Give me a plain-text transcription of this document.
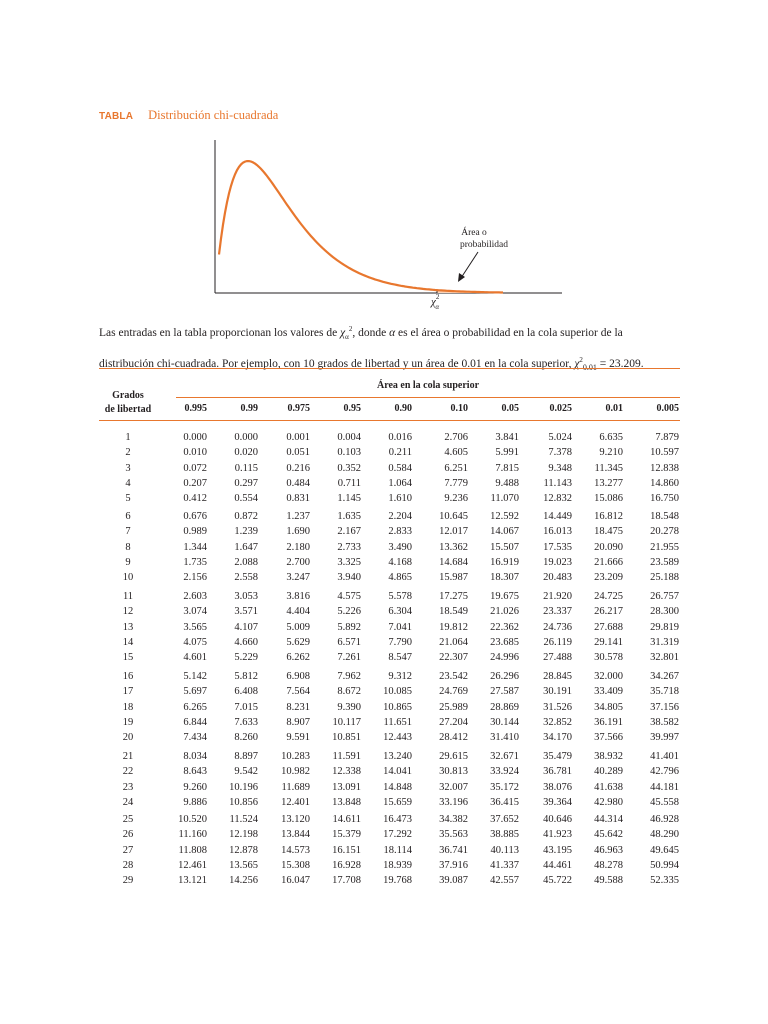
TABLA Distribución chi-cuadrada
Área o
probabilidad
$\chi^2$ α
Las entradas en la tabla proporcionan los valores de $\chi_\alpha^2$, donde α es el área o probabilidad en la cola superior de la distribución chi-cuadrada. Por ejemplo, con 10 grados de libertad y un área de 0.01 en la cola superior, $\chi^2_{0.01} = 23.209$.
Área en la cola superior
Grados
de libertad	0.995	0.99	0.975	0.95	0.90	0.10	0.05	0.025	0.01	0.005
1	0.000	0.000	0.001	0.004	0.016	2.706	3.841	5.024	6.635	7.879
2	0.010	0.020	0.051	0.103	0.211	4.605	5.991	7.378	9.210	10.597
3	0.072	0.115	0.216	0.352	0.584	6.251	7.815	9.348	11.345	12.838
4	0.207	0.297	0.484	0.711	1.064	7.779	9.488	11.143	13.277	14.860
5	0.412	0.554	0.831	1.145	1.610	9.236	11.070	12.832	15.086	16.750
6	0.676	0.872	1.237	1.635	2.204	10.645	12.592	14.449	16.812	18.548
7	0.989	1.239	1.690	2.167	2.833	12.017	14.067	16.013	18.475	20.278
8	1.344	1.647	2.180	2.733	3.490	13.362	15.507	17.535	20.090	21.955
9	1.735	2.088	2.700	3.325	4.168	14.684	16.919	19.023	21.666	23.589
10	2.156	2.558	3.247	3.940	4.865	15.987	18.307	20.483	23.209	25.188
11	2.603	3.053	3.816	4.575	5.578	17.275	19.675	21.920	24.725	26.757
12	3.074	3.571	4.404	5.226	6.304	18.549	21.026	23.337	26.217	28.300
13	3.565	4.107	5.009	5.892	7.041	19.812	22.362	24.736	27.688	29.819
14	4.075	4.660	5.629	6.571	7.790	21.064	23.685	26.119	29.141	31.319
15	4.601	5.229	6.262	7.261	8.547	22.307	24.996	27.488	30.578	32.801
16	5.142	5.812	6.908	7.962	9.312	23.542	26.296	28.845	32.000	34.267
17	5.697	6.408	7.564	8.672	10.085	24.769	27.587	30.191	33.409	35.718
18	6.265	7.015	8.231	9.390	10.865	25.989	28.869	31.526	34.805	37.156
19	6.844	7.633	8.907	10.117	11.651	27.204	30.144	32.852	36.191	38.582
20	7.434	8.260	9.591	10.851	12.443	28.412	31.410	34.170	37.566	39.997
21	8.034	8.897	10.283	11.591	13.240	29.615	32.671	35.479	38.932	41.401
22	8.643	9.542	10.982	12.338	14.041	30.813	33.924	36.781	40.289	42.796
23	9.260	10.196	11.689	13.091	14.848	32.007	35.172	38.076	41.638	44.181
24	9.886	10.856	12.401	13.848	15.659	33.196	36.415	39.364	42.980	45.558
25	10.520	11.524	13.120	14.611	16.473	34.382	37.652	40.646	44.314	46.928
26	11.160	12.198	13.844	15.379	17.292	35.563	38.885	41.923	45.642	48.290
27	11.808	12.878	14.573	16.151	18.114	36.741	40.113	43.195	46.963	49.645
28	12.461	13.565	15.308	16.928	18.939	37.916	41.337	44.461	48.278	50.994
29	13.121	14.256	16.047	17.708	19.768	39.087	42.557	45.722	49.588	52.335
